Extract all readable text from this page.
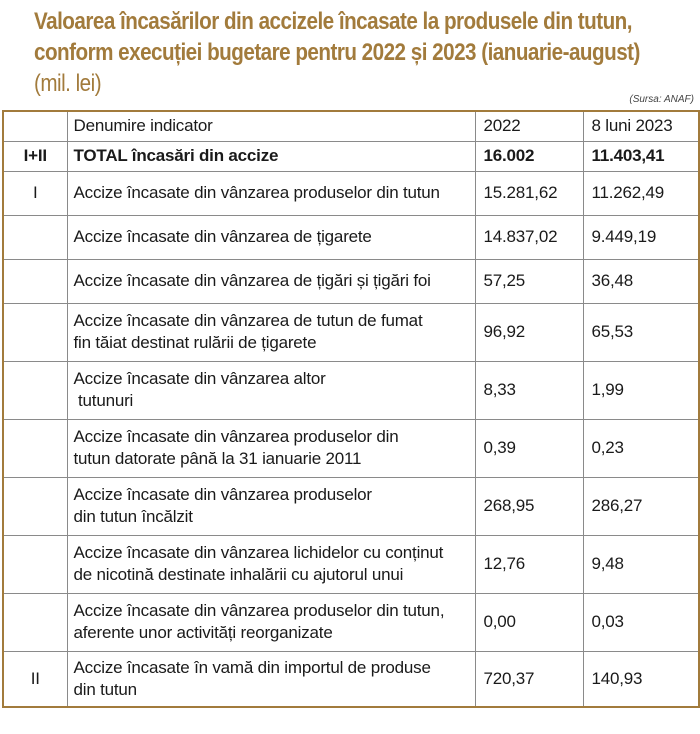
Valoarea încasărilor din accizele încasate la produsele din tutun,
conform execuției bugetare pentru 2022 și 2023 (ianuarie-august)
(mil. lei)
(Sursa: ANAF)
	Denumire indicator	2022	8 luni 2023
I+II	TOTAL încasări din accize	16.002	11.403,41
I	Accize încasate din vânzarea produselor din tutun	15.281,62	11.262,49

	Accize încasate din vânzarea de țigarete	14.837,02	9.449,19

	Accize încasate din vânzarea de țigări și țigări foi	57,25	36,48

	Accize încasate din vânzarea de tutun de fumat
fin tăiat destinat rulării de țigarete	96,92	65,53

	Accize încasate din vânzarea altor
tutunuri	8,33	1,99

	Accize încasate din vânzarea produselor din
tutun datorate până la 31 ianuarie 2011	0,39	0,23

	Accize încasate din vânzarea produselor
din tutun încălzit	268,95	286,27

	Accize încasate din vânzarea lichidelor cu conținut
de nicotină destinate inhalării cu ajutorul unui	12,76	9,48

	Accize încasate din vânzarea produselor din tutun,
aferente unor activități reorganizate	0,00	0,03
II	Accize încasate în vamă din importul de produse
din tutun	720,37	140,93
